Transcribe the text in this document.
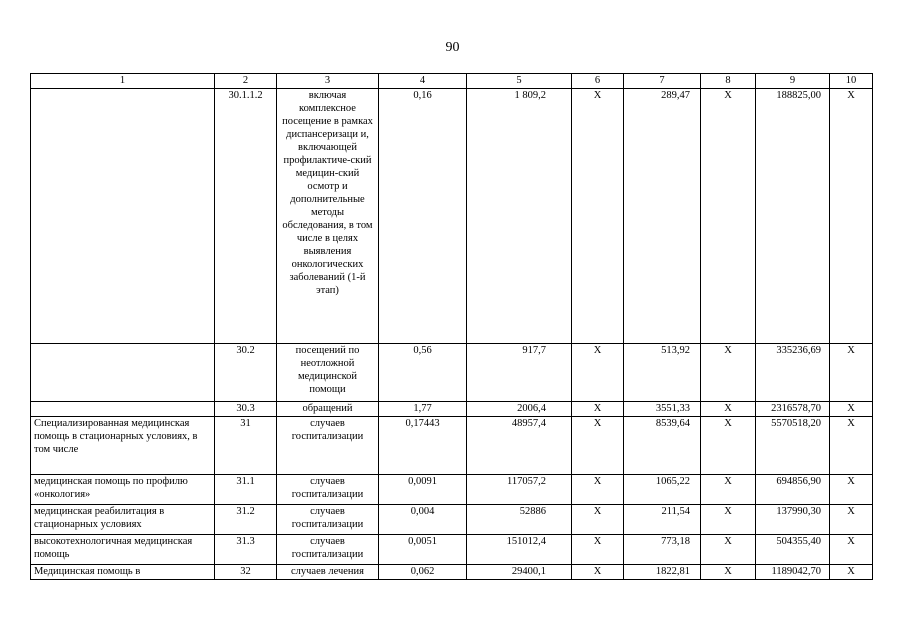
90
1	2	3	4	5	6	7	8	9	10
	30.1.1.2	включая комплексное посещение в рамках диспансеризаци и, включающей профилактиче-ский медицин-ский осмотр и дополнительные методы обследования, в том числе в целях выявления онкологических заболеваний (1-й этап)	0,16	1 809,2	X	289,47	X	188825,00	X
	30.2	посещений по неотложной медицинской помощи	0,56	917,7	X	513,92	X	335236,69	X
	30.3	обращений	1,77	2006,4	X	3551,33	X	2316578,70	X
Специализированная медицинская помощь в стационарных условиях, в том числе	31	случаев госпитализации	0,17443	48957,4	X	8539,64	X	5570518,20	X
медицинская помощь по профилю «онкология»	31.1	случаев госпитализации	0,0091	117057,2	X	1065,22	X	694856,90	X
медицинская реабилитация в стационарных условиях	31.2	случаев госпитализации	0,004	52886	X	211,54	X	137990,30	X
высокотехнологичная медицинская помощь	31.3	случаев госпитализации	0,0051	151012,4	X	773,18	X	504355,40	X
Медицинская помощь в	32	случаев лечения	0,062	29400,1	X	1822,81	X	1189042,70	X
